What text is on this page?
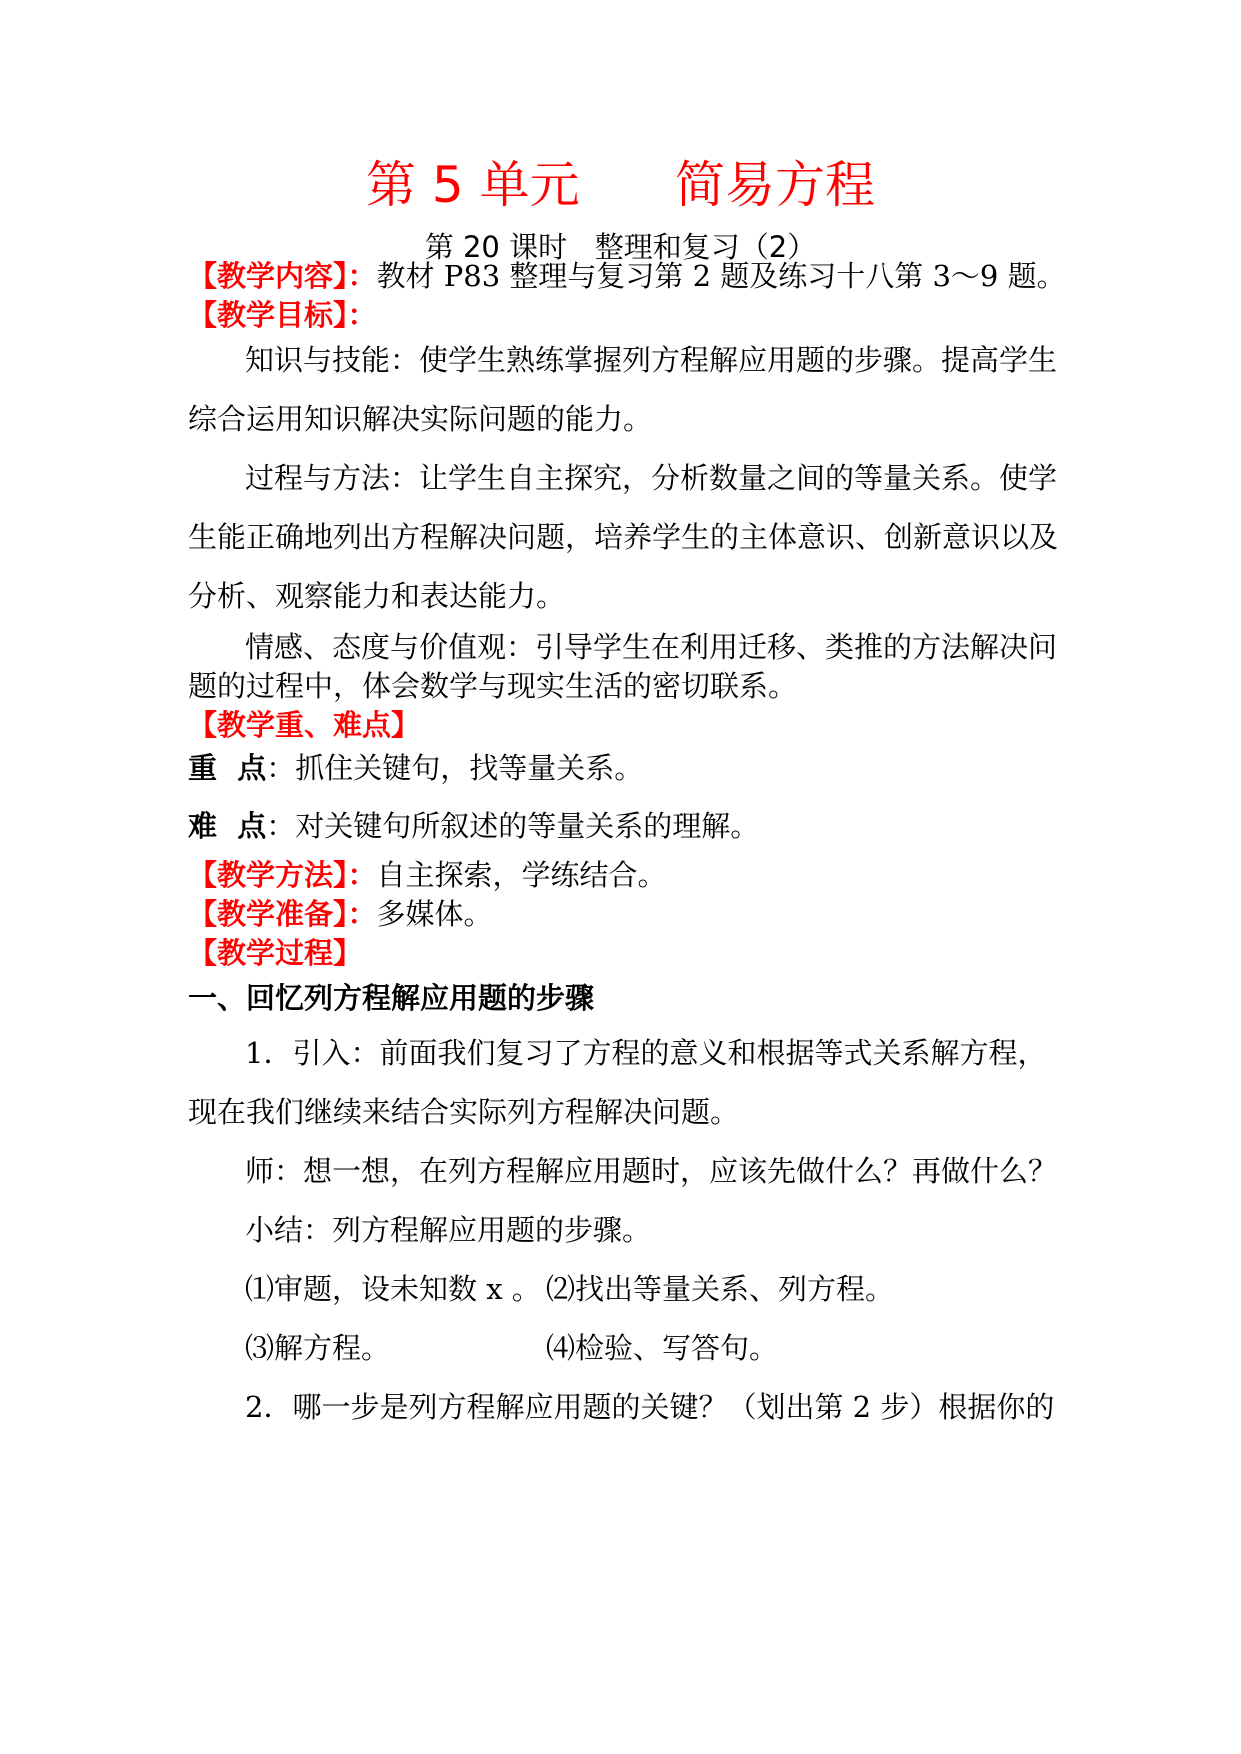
第 5 单元      简易方程
第 20 课时   整理和复习（2）
【教学内容】：教材 P83 整理与复习第 2 题及练习十八第 3～9 题。
【教学目标】：
知识与技能：使学生熟练掌握列方程解应用题的步骤。提高学生
综合运用知识解决实际问题的能力。
过程与方法：让学生自主探究，分析数量之间的等量关系。使学
生能正确地列出方程解决问题，培养学生的主体意识、创新意识以及
分析、观察能力和表达能力。
情感、态度与价值观：引导学生在利用迁移、类推的方法解决问
题的过程中，体会数学与现实生活的密切联系。
【教学重、难点】
重  点：抓住关键句，找等量关系。
难  点：对关键句所叙述的等量关系的理解。
【教学方法】：自主探索，学练结合。
【教学准备】：多媒体。
【教学过程】
一、回忆列方程解应用题的步骤
1．引入：前面我们复习了方程的意义和根据等式关系解方程，
现在我们继续来结合实际列方程解决问题。
师：想一想，在列方程解应用题时，应该先做什么？再做什么？
小结：列方程解应用题的步骤。
⑴审题，设未知数 x 。 ⑵找出等量关系、列方程。
⑶解方程。	⑷检验、写答句。
2．哪一步是列方程解应用题的关键？（划出第 2 步）根据你的
